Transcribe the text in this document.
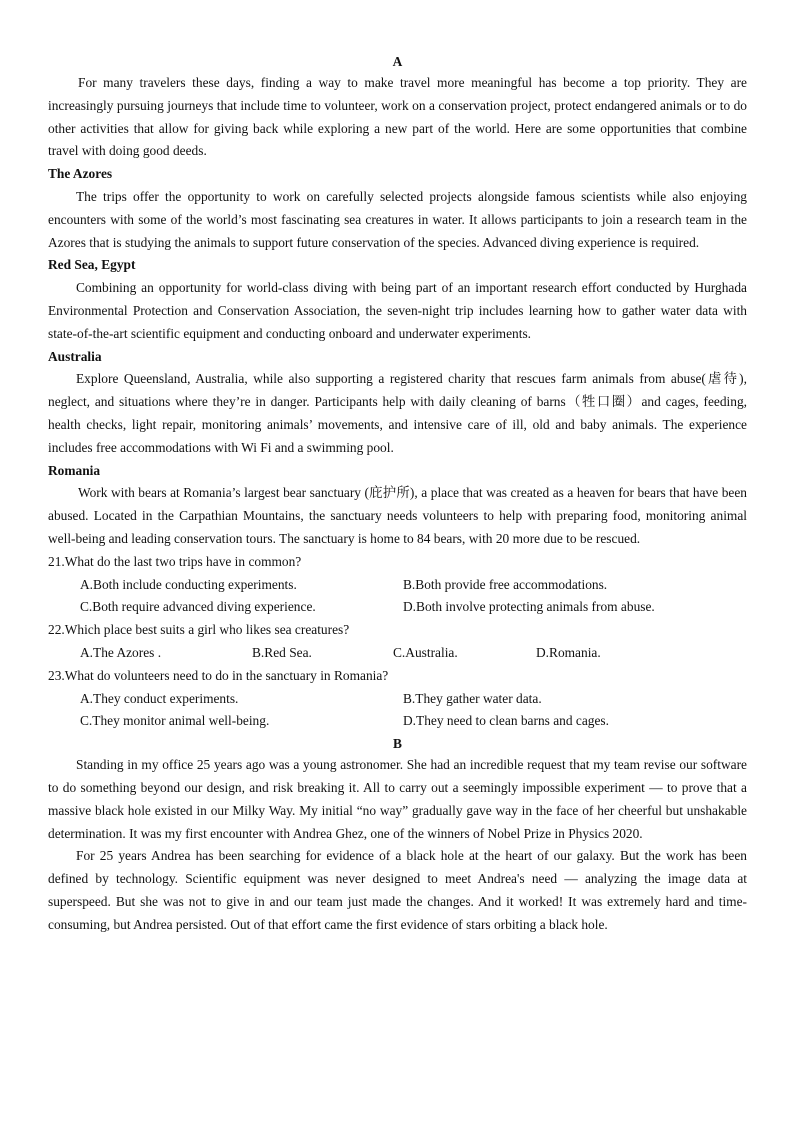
A

For many travelers these days, finding a way to make travel more meaningful has become a top priority. They are increasingly pursuing journeys that include time to volunteer, work on a conservation project, protect endangered animals or to do other activities that allow for giving back while exploring a new part of the world. Here are some opportunities that combine travel with doing good deeds.

The Azores

The trips offer the opportunity to work on carefully selected projects alongside famous scientists while also enjoying encounters with some of the world’s most fascinating sea creatures in water. It allows participants to join a research team in the Azores that is studying the animals to support future conservation of the species. Advanced diving experience is required.

Red Sea, Egypt

Combining an opportunity for world-class diving with being part of an important research effort conducted by Hurghada Environmental Protection and Conservation Association, the seven-night trip includes learning how to gather water data with state-of-the-art scientific equipment and conducting onboard and underwater experiments.

Australia

Explore Queensland, Australia, while also supporting a registered charity that rescues farm animals from abuse(虐待), neglect, and situations where they’re in danger. Participants help with daily cleaning of barns（牲口圈）and cages, feeding, health checks, light repair, monitoring animals’ movements, and intensive care of ill, old and baby animals. The experience includes free accommodations with Wi Fi and a swimming pool.

Romania

Work with bears at Romania’s largest bear sanctuary (庇护所), a place that was created as a heaven for bears that have been abused. Located in the Carpathian Mountains, the sanctuary needs volunteers to help with preparing food, monitoring animal well-being and leading conservation tours. The sanctuary is home to 84 bears, with 20 more due to be rescued.

21.What do the last two trips have in common?
A.Both include conducting experiments.	B.Both provide free accommodations.
C.Both require advanced diving experience.	D.Both involve protecting animals from abuse.
22.Which place best suits a girl who likes sea creatures?
A.The Azores .	B.Red Sea.	C.Australia.	D.Romania.
23.What do volunteers need to do in the sanctuary in Romania?
A.They conduct experiments.	B.They gather water data.
C.They monitor animal well-being.	D.They need to clean barns and cages.
B

Standing in my office 25 years ago was a young astronomer. She had an incredible request that my team revise our software to do something beyond our design, and risk breaking it. All to carry out a seemingly impossible experiment — to prove that a massive black hole existed in our Milky Way. My initial “no way” gradually gave way in the face of her cheerful but unshakable determination. It was my first encounter with Andrea Ghez, one of the winners of Nobel Prize in Physics 2020.

For 25 years Andrea has been searching for evidence of a black hole at the heart of our galaxy. But the work has been defined by technology. Scientific equipment was never designed to meet Andrea's need — analyzing the image data at superspeed. But she was not to give in and our team just made the changes. And it worked! It was extremely hard and time-consuming, but Andrea persisted. Out of that effort came the first evidence of stars orbiting a black hole.
